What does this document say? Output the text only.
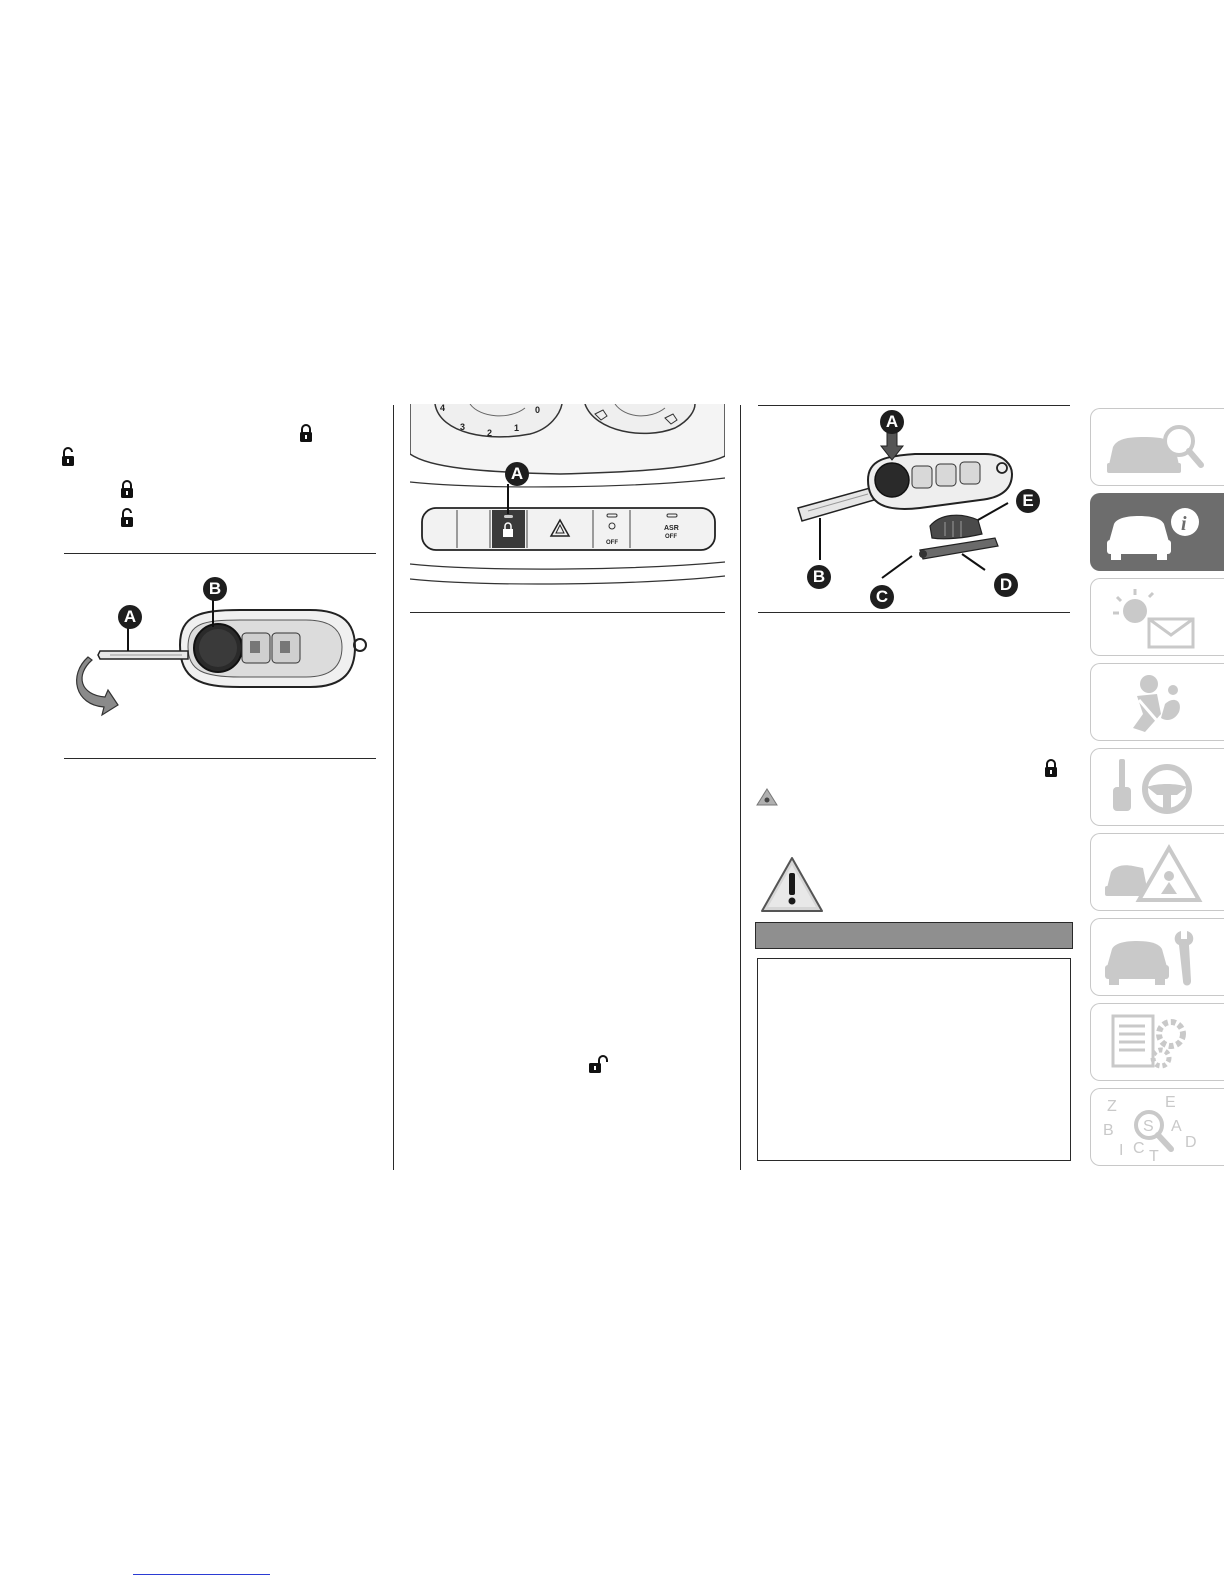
A
B
4
3
2 1
0
OFF
ASR
OFF
A
A
B
C
D
E
i
Z	E
B	A
I C T
D
S
